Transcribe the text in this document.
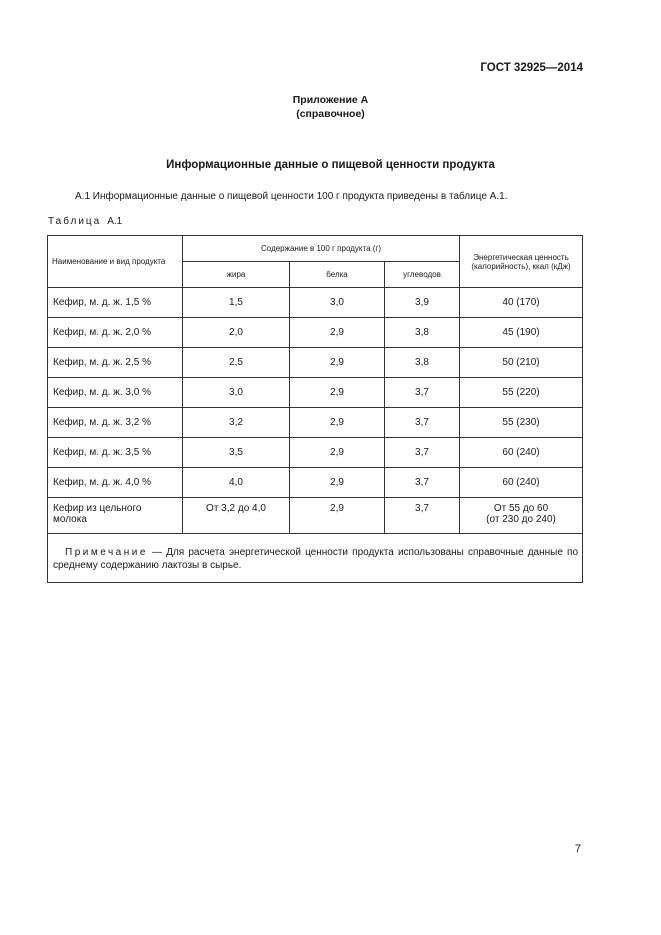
ГОСТ 32925—2014
Приложение А
(справочное)
Информационные данные о пищевой ценности продукта
А.1 Информационные данные о пищевой ценности 100 г продукта приведены в таблице А.1.
Таблица А.1
Наименование и вид продукта	Содержание в 100 г продукта (г)			Энергетическая ценность
(калорийность), ккал (кДж)

	жира	белка	углеводов	
Кефир, м. д. ж. 1,5 %	1,5	3,0	3,9	40 (170)
Кефир, м. д. ж. 2,0 %	2,0	2,9	3,8	45 (190)
Кефир, м. д. ж. 2,5 %	2,5	2,9	3,8	50 (210)
Кефир, м. д. ж. 3,0 %	3,0	2,9	3,7	55 (220)
Кефир, м. д. ж. 3,2 %	3,2	2,9	3,7	55 (230)
Кефир, м. д. ж. 3,5 %	3,5	2,9	3,7	60 (240)
Кефир, м. д. ж. 4,0 %	4,0	2,9	3,7	60 (240)
Кефир из цельного молока	От 3,2 до 4,0	2,9	3,7	От 55 до 60
(от 230 до 240)

Примечание — Для расчета энергетической ценности продукта использованы справочные данные по среднему содержанию лактозы в сырье.				
7
